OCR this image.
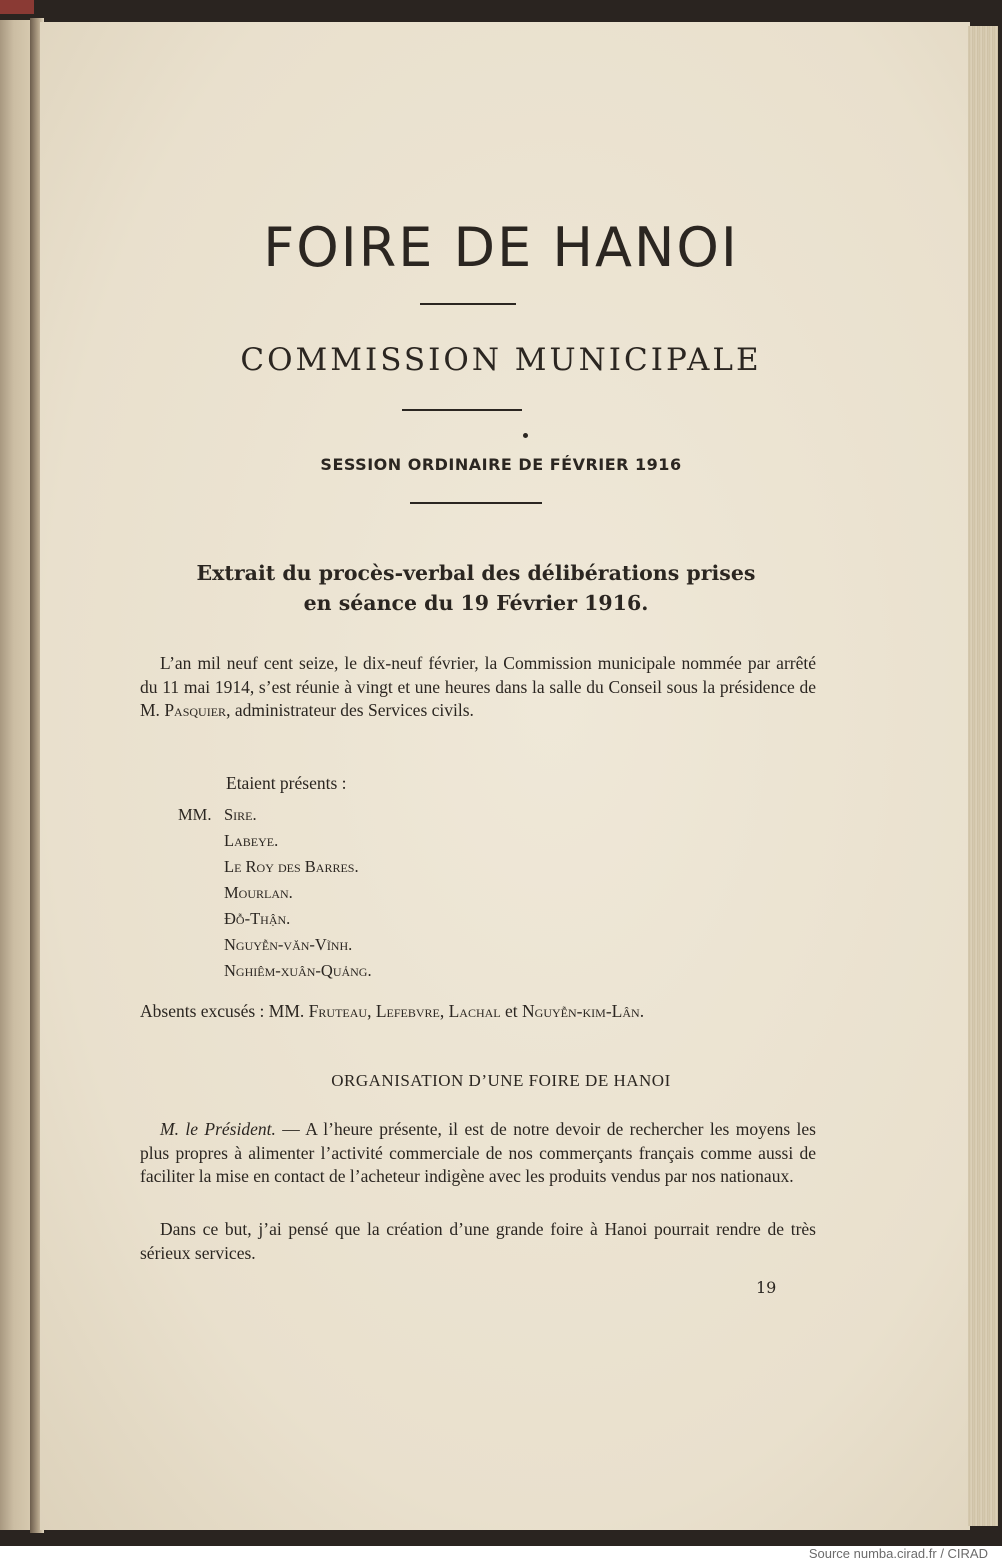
FOIRE DE HANOI
COMMISSION MUNICIPALE
SESSION ORDINAIRE DE FÉVRIER 1916
Extrait du procès-verbal des délibérations prises
en séance du 19 Février 1916.
L’an mil neuf cent seize, le dix-neuf février, la Commission municipale nommée par arrêté du 11 mai 1914, s’est réunie à vingt et une heures dans la salle du Conseil sous la présidence de M. Pasquier, administrateur des Services civils.
Etaient présents :
MM. Sire.
Labeye.
Le Roy des Barres.
Mourlan.
Đỗ-Thận.
Nguyễn-văn-Vĩnh.
Nghiêm-xuân-Quảng.
Absents excusés : MM. Fruteau, Lefebvre, Lachal et Nguyễn-kim-Lân.
ORGANISATION D’UNE FOIRE DE HANOI
M. le Président. — A l’heure présente, il est de notre devoir de rechercher les moyens les plus propres à alimenter l’activité commerciale de nos commerçants français comme aussi de faciliter la mise en contact de l’acheteur indigène avec les produits vendus par nos nationaux.
Dans ce but, j’ai pensé que la création d’une grande foire à Hanoi pourrait rendre de très sérieux services.
19
Source numba.cirad.fr / CIRAD
